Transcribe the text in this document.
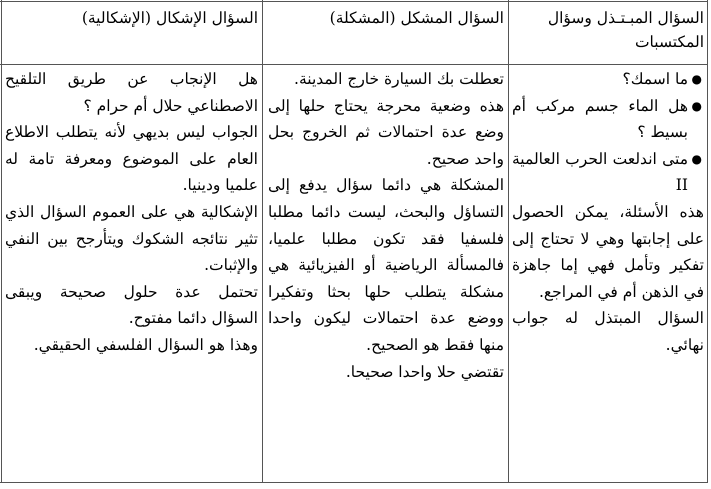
السؤال المبـتـذل وسؤال المكتسبات
السؤال المشكل (المشكلة)
السؤال الإشكال (الإشكالية)
●
ما اسمك؟
●
هل الماء جسم مركب أم بسيط ؟
●
متى اندلعت الحرب العالمية II
هذه الأسئلة، يمكن الحصول على إجابتها وهي لا تحتاج إلى تفكير وتأمل فهي إما جاهزة في الذهن أم في المراجع.
السؤال المبتذل له جواب نهائي.
تعطلت بك السيارة خارج المدينة.
هذه وضعية محرجة يحتاج حلها إلى وضع عدة احتمالات ثم الخروج بحل واحد صحيح.
المشكلة هي دائما سؤال يدفع إلى التساؤل والبحث، ليست دائما مطلبا فلسفيا فقد تكون مطلبا علميا، فالمسألة الرياضية أو الفيزيائية هي مشكلة يتطلب حلها بحثا وتفكيرا ووضع عدة احتمالات ليكون واحدا منها فقط هو الصحيح.
تقتضي حلا واحدا صحيحا.
هل الإنجاب عن طريق التلقيح الاصطناعي حلال أم حرام ؟
الجواب ليس بديهي لأنه يتطلب الاطلاع العام على الموضوع ومعرفة تامة له علميا ودينيا.
الإشكالية هي على العموم السؤال الذي تثير نتائجه الشكوك ويتأرجح بين النفي والإثبات.
تحتمل عدة حلول صحيحة ويبقى السؤال دائما مفتوح.
وهذا هو السؤال الفلسفي الحقيقي.
